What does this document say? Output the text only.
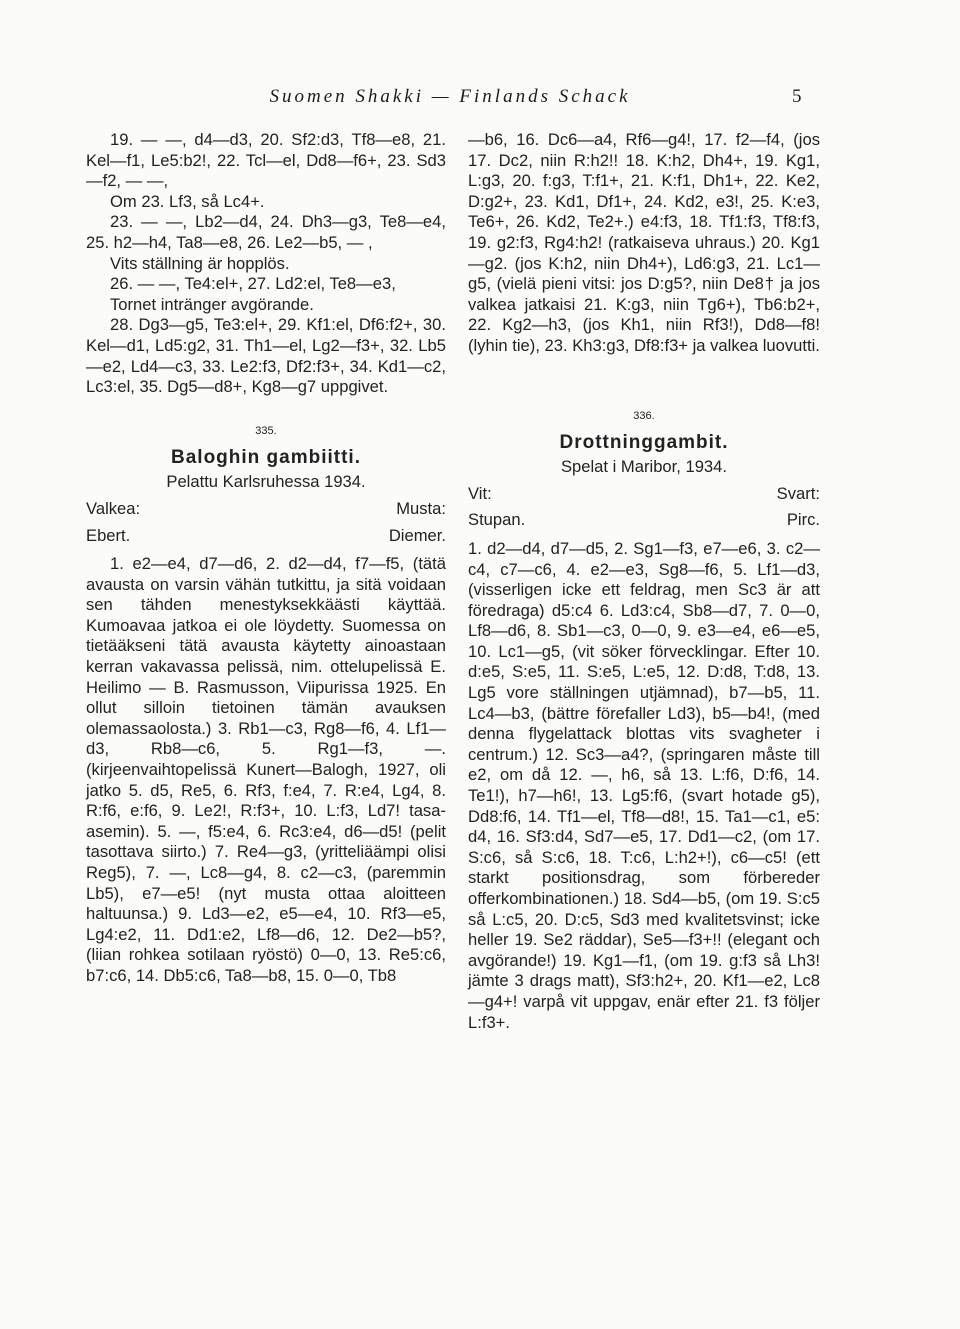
Suomen Shakki — Finlands Schack	5

19. — —, d4—d3, 20. Sf2:d3, Tf8—e8, 21. Kel—f1, Le5:b2!, 22. Tcl—el, Dd8—f6+, 23. Sd3—f2, — —,

Om 23. Lf3, så Lc4+.

23. — —, Lb2—d4, 24. Dh3—g3, Te8—e4, 25. h2—h4, Ta8—e8, 26. Le2—b5, — ,

Vits ställning är hopplös.

26. — —, Te4:el+, 27. Ld2:el, Te8—e3,

Tornet intränger avgörande.

28. Dg3—g5, Te3:el+, 29. Kf1:el, Df6:f2+, 30. Kel—d1, Ld5:g2, 31. Th1—el, Lg2—f3+, 32. Lb5—e2, Ld4—c3, 33. Le2:f3, Df2:f3+, 34. Kd1—c2, Lc3:el, 35. Dg5—d8+, Kg8—g7 uppgivet.

335.

Baloghin gambiitti.

Pelattu Karlsruhessa 1934.

Valkea:	Musta:
Ebert.	Diemer.

1. e2—e4, d7—d6, 2. d2—d4, f7—f5, (tätä avausta on varsin vähän tutkittu, ja sitä voidaan sen tähden menestyksekkäästi käyttää. Kumoavaa jatkoa ei ole löydetty. Suomessa on tietääkseni tätä avausta käytetty ainoastaan kerran vakavassa pelissä, nim. ottelupelissä E. Heilimo — B. Rasmusson, Viipurissa 1925. En ollut silloin tietoinen tämän avauksen olemassaolosta.) 3. Rb1—c3, Rg8—f6, 4. Lf1—d3, Rb8—c6, 5. Rg1—f3, —. (kirjeenvaihtopelissä Kunert—Balogh, 1927, oli jatko 5. d5, Re5, 6. Rf3, f:e4, 7. R:e4, Lg4, 8. R:f6, e:f6, 9. Le2!, R:f3+, 10. L:f3, Ld7! tasa-asemin). 5. —, f5:e4, 6. Rc3:e4, d6—d5! (pelit tasottava siirto.) 7. Re4—g3, (yritteliäämpi olisi Reg5), 7. —, Lc8—g4, 8. c2—c3, (paremmin Lb5), e7—e5! (nyt musta ottaa aloitteen haltuunsa.) 9. Ld3—e2, e5—e4, 10. Rf3—e5, Lg4:e2, 11. Dd1:e2, Lf8—d6, 12. De2—b5?, (liian rohkea sotilaan ryöstö) 0—0, 13. Re5:c6, b7:c6, 14. Db5:c6, Ta8—b8, 15. 0—0, Tb8

—b6, 16. Dc6—a4, Rf6—g4!, 17. f2—f4, (jos 17. Dc2, niin R:h2!! 18. K:h2, Dh4+, 19. Kg1, L:g3, 20. f:g3, T:f1+, 21. K:f1, Dh1+, 22. Ke2, D:g2+, 23. Kd1, Df1+, 24. Kd2, e3!, 25. K:e3, Te6+, 26. Kd2, Te2+.) e4:f3, 18. Tf1:f3, Tf8:f3, 19. g2:f3, Rg4:h2! (ratkaiseva uhraus.) 20. Kg1—g2. (jos K:h2, niin Dh4+), Ld6:g3, 21. Lc1—g5, (vielä pieni vitsi: jos D:g5?, niin De8† ja jos valkea jatkaisi 21. K:g3, niin Tg6+), Tb6:b2+, 22. Kg2—h3, (jos Kh1, niin Rf3!), Dd8—f8! (lyhin tie), 23. Kh3:g3, Df8:f3+ ja valkea luovutti.

336.

Drottninggambit.

Spelat i Maribor, 1934.

Vit:	Svart:
Stupan.	Pirc.

1. d2—d4, d7—d5, 2. Sg1—f3, e7—e6, 3. c2—c4, c7—c6, 4. e2—e3, Sg8—f6, 5. Lf1—d3, (visserligen icke ett feldrag, men Sc3 är att föredraga) d5:c4 6. Ld3:c4, Sb8—d7, 7. 0—0, Lf8—d6, 8. Sb1—c3, 0—0, 9. e3—e4, e6—e5, 10. Lc1—g5, (vit söker förvecklingar. Efter 10. d:e5, S:e5, 11. S:e5, L:e5, 12. D:d8, T:d8, 13. Lg5 vore ställningen utjämnad), b7—b5, 11. Lc4—b3, (bättre förefaller Ld3), b5—b4!, (med denna flygelattack blottas vits svagheter i centrum.) 12. Sc3—a4?, (springaren måste till e2, om då 12. —, h6, så 13. L:f6, D:f6, 14. Te1!), h7—h6!, 13. Lg5:f6, (svart hotade g5), Dd8:f6, 14. Tf1—el, Tf8—d8!, 15. Ta1—c1, e5: d4, 16. Sf3:d4, Sd7—e5, 17. Dd1—c2, (om 17. S:c6, så S:c6, 18. T:c6, L:h2+!), c6—c5! (ett starkt positionsdrag, som förbereder offerkombinationen.) 18. Sd4—b5, (om 19. S:c5 så L:c5, 20. D:c5, Sd3 med kvalitetsvinst; icke heller 19. Se2 räddar), Se5—f3+!! (elegant och avgörande!) 19. Kg1—f1, (om 19. g:f3 så Lh3! jämte 3 drags matt), Sf3:h2+, 20. Kf1—e2, Lc8—g4+! varpå vit uppgav, enär efter 21. f3 följer L:f3+.
